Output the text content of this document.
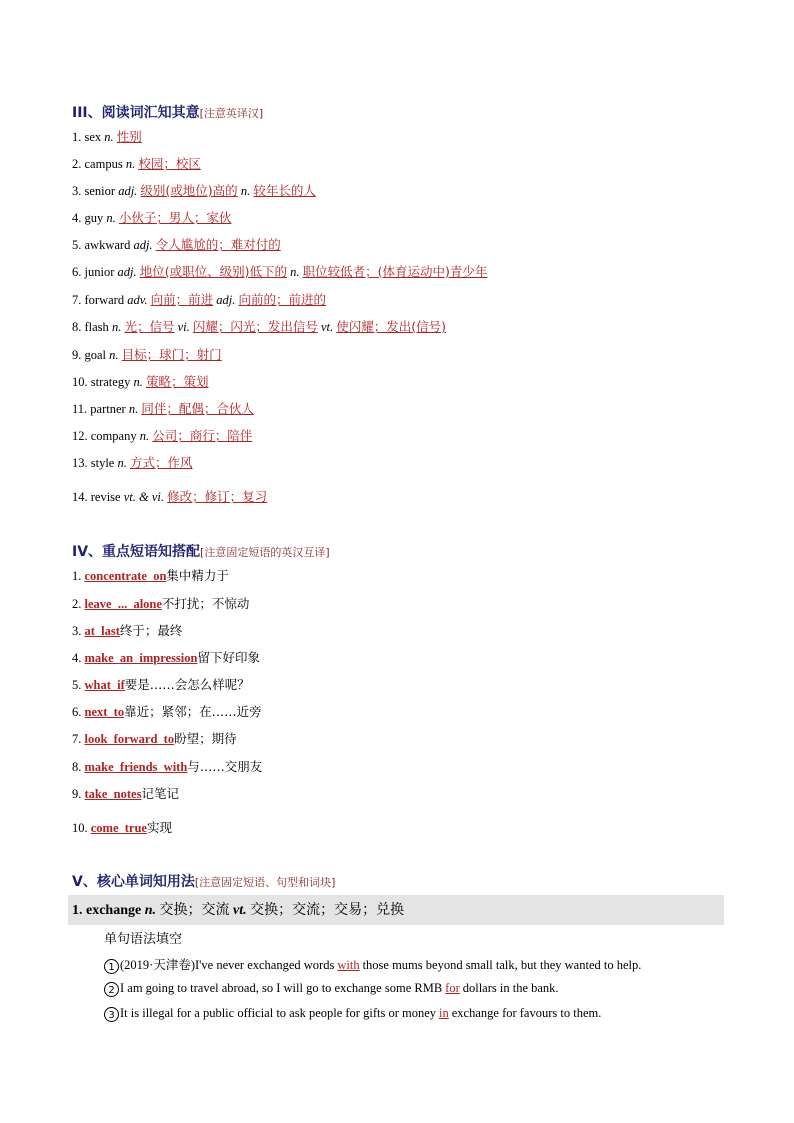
III、阅读词汇知其意[注意英译汉]
1. sex n. 性别
2. campus n. 校园；校区
3. senior adj. 级别(或地位)高的 n. 较年长的人
4. guy n. 小伙子；男人；家伙
5. awkward adj. 令人尴尬的；难对付的
6. junior adj. 地位(或职位、级别)低下的 n. 职位较低者；(体育运动中)青少年
7. forward adv. 向前；前进 adj. 向前的；前进的
8. flash n. 光；信号 vi. 闪耀；闪光；发出信号 vt. 使闪耀；发出(信号)
9. goal n. 目标；球门；射门
10. strategy n. 策略；策划
11. partner n. 同伴；配偶；合伙人
12. company n. 公司；商行；陪伴
13. style n. 方式；作风
14. revise vt. & vi. 修改；修订；复习
IV、重点短语知搭配[注意固定短语的英汉互译]
1. concentrate  on集中精力于
2. leave  ...  alone不打扰；不惊动
3. at  last终于；最终
4. make  an  impression留下好印象
5. what  if要是……会怎么样呢？
6. next  to靠近；紧邻；在……近旁
7. look  forward  to盼望；期待
8. make  friends  with与……交朋友
9. take  notes记笔记
10. come  true实现
V、核心单词知用法[注意固定短语、句型和词块]
1. exchange n. 交换；交流 vt. 交换；交流；交易；兑换
单句语法填空
1 (2019·天津卷)I've never exchanged words with those mums beyond small talk, but they wanted to help.
2 I am going to travel abroad, so I will go to exchange some RMB for dollars in the bank.
3 It is illegal for a public official to ask people for gifts or money in exchange for favours to them.
